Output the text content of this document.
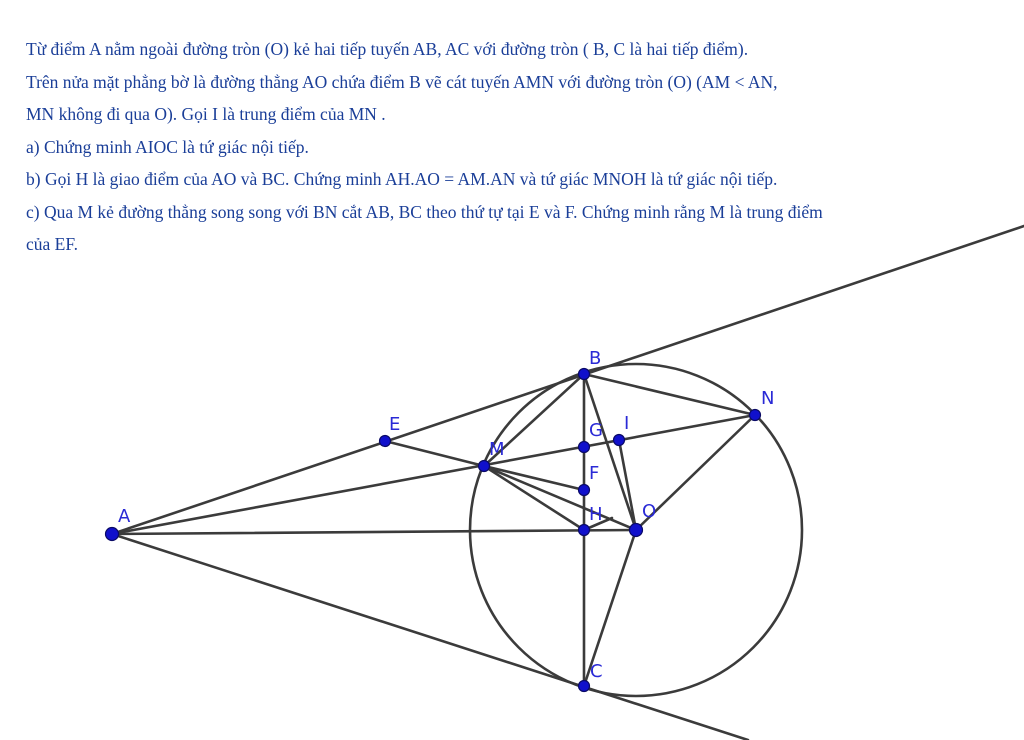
Từ điểm A nằm ngoài đường tròn (O) kẻ hai tiếp tuyến AB, AC với đường tròn ( B, C là hai tiếp điểm).

Trên nửa mặt phẳng bờ là đường thẳng AO chứa điểm B vẽ cát tuyến AMN với đường tròn (O) (AM < AN,

MN không đi qua O). Gọi I là trung điểm của MN .

a) Chứng minh AIOC là tứ giác nội tiếp.

b) Gọi H là giao điểm của AO và BC. Chứng minh AH.AO = AM.AN và tứ giác MNOH là tứ giác nội tiếp.

c) Qua M kẻ đường thẳng song song với BN cắt AB, BC theo thứ tự tại E và F. Chứng minh rằng M là trung điểm

của EF.

A
B
C
E
M
G I
N
F
H O
